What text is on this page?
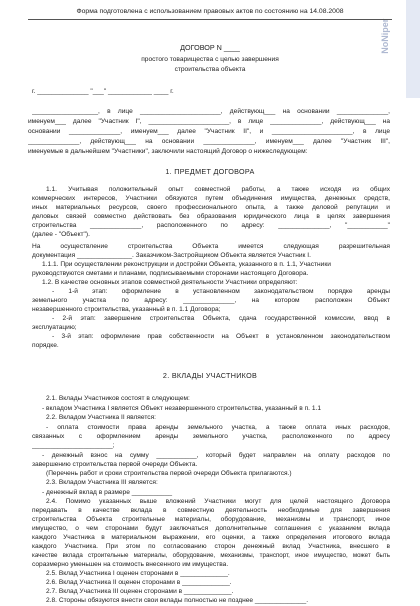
NoNiper
Форма подготовлена с использованием правовых актов по состоянию на 14.08.2008
ДОГОВОР N ____
простого товарищества с целью завершения
строительства объекта
г. ______________ "___" ____________ ____ г.
__________________, в лице ______________________, действующ___ на основании ______________,
именуем___ далее "Участник I", ______________________, в лице ______________, действующ___ на
основании ______________, именуем___ далее "Участник II", и ______________________, в лице
______________, действующ___ на основании ______________, именуем___ далее "Участник III",
именуемые в дальнейшем "Участники", заключили настоящий Договор о нижеследующем:
1. ПРЕДМЕТ ДОГОВОРА
1.1. Учитывая положительный опыт совместной работы, а также исходя из общих
коммерческих интересов, Участники обязуются путем объединения имущества, денежных средств,
иных материальных ресурсов, своего профессионального опыта, а также деловой репутации и
деловых связей совместно действовать без образования юридического лица в целях завершения
строительства ______________, расположенного по адресу: ______________, "___________"
(далее - "Объект").
На осуществление строительства Объекта имеется следующая разрешительная
документация _______________. Заказчиком-Застройщиком Объекта является Участник I.
1.1.1. При осуществлении реконструкции и достройки Объекта, указанного в п. 1.1, Участники
руководствуются сметами и планами, подписываемыми сторонами настоящего Договора.
1.2. В качестве основных этапов совместной деятельности Участники определяют:
- 1-й этап: оформление в установленном законодательством порядке аренды
земельного участка по адресу: ______________, на котором расположен Объект
незавершенного строительства, указанный в п. 1.1 Договора;
- 2-й этап: завершение строительства Объекта, сдача государственной комиссии, ввод в
эксплуатацию;
- 3-й этап: оформление прав собственности на Объект в установленном законодательством
порядке.
2. ВКЛАДЫ УЧАСТНИКОВ
2.1. Вклады Участников состоят в следующем:
- вкладом Участника I является Объект незавершенного строительства, указанный в п. 1.1
2.2. Вкладом Участника II является:
- оплата стоимости права аренды земельного участка, а также оплата иных расходов,
связанных с оформлением аренды земельного участка, расположенного по адресу
______________________;
- денежный взнос на сумму ___________, который будет направлен на оплату расходов по
завершению строительства первой очереди Объекта.
(Перечень работ и сроки строительства первой очереди Объекта прилагаются.)
2.3. Вкладом Участника III является:
- денежный вклад в размере ___________
2.4. Помимо указанных выше вложений Участники могут для целей настоящего Договора
передавать в качестве вклада в совместную деятельность необходимые для завершения
строительства Объекта строительные материалы, оборудование, механизмы и транспорт, иное
имущество, о чем сторонами будут заключаться дополнительные соглашения с указанием вклада
каждого Участника в материальном выражении, его оценки, а также определения итогового вклада
каждого Участника. При этом по согласованию сторон денежный вклад Участника, внесшего в
качестве вклада строительные материалы, оборудование, механизмы, транспорт, иное имущество, может быть
соразмерно уменьшен на стоимость внесенного им имущества.
2.5. Вклад Участника I оценен сторонами в _____________.
2.6. Вклад Участника II оценен сторонами в _____________.
2.7. Вклад Участника III оценен сторонами в _____________.
2.8. Стороны обязуются внести свои вклады полностью не позднее ______________.
